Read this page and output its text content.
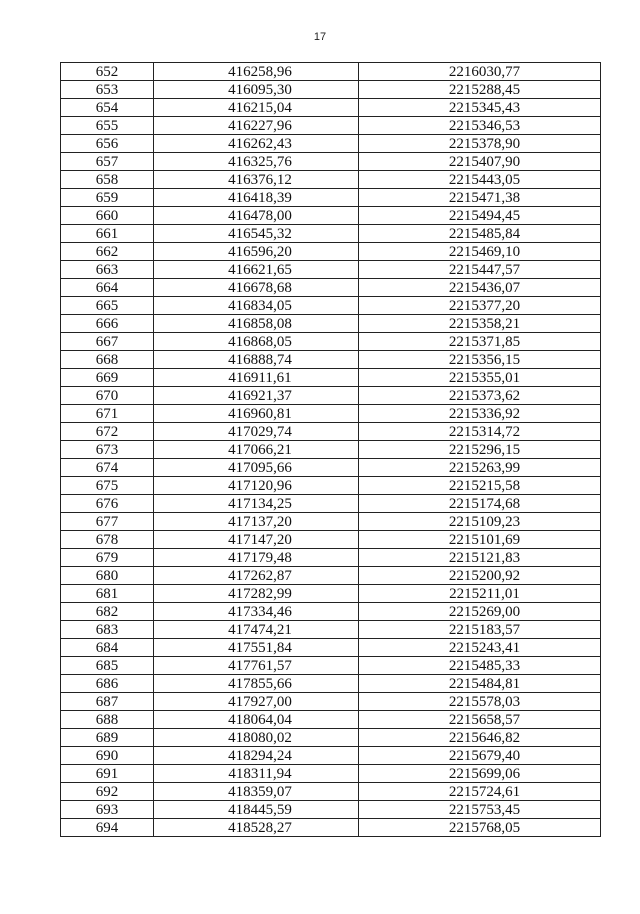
17
652	416258,96	2216030,77
653	416095,30	2215288,45
654	416215,04	2215345,43
655	416227,96	2215346,53
656	416262,43	2215378,90
657	416325,76	2215407,90
658	416376,12	2215443,05
659	416418,39	2215471,38
660	416478,00	2215494,45
661	416545,32	2215485,84
662	416596,20	2215469,10
663	416621,65	2215447,57
664	416678,68	2215436,07
665	416834,05	2215377,20
666	416858,08	2215358,21
667	416868,05	2215371,85
668	416888,74	2215356,15
669	416911,61	2215355,01
670	416921,37	2215373,62
671	416960,81	2215336,92
672	417029,74	2215314,72
673	417066,21	2215296,15
674	417095,66	2215263,99
675	417120,96	2215215,58
676	417134,25	2215174,68
677	417137,20	2215109,23
678	417147,20	2215101,69
679	417179,48	2215121,83
680	417262,87	2215200,92
681	417282,99	2215211,01
682	417334,46	2215269,00
683	417474,21	2215183,57
684	417551,84	2215243,41
685	417761,57	2215485,33
686	417855,66	2215484,81
687	417927,00	2215578,03
688	418064,04	2215658,57
689	418080,02	2215646,82
690	418294,24	2215679,40
691	418311,94	2215699,06
692	418359,07	2215724,61
693	418445,59	2215753,45
694	418528,27	2215768,05
